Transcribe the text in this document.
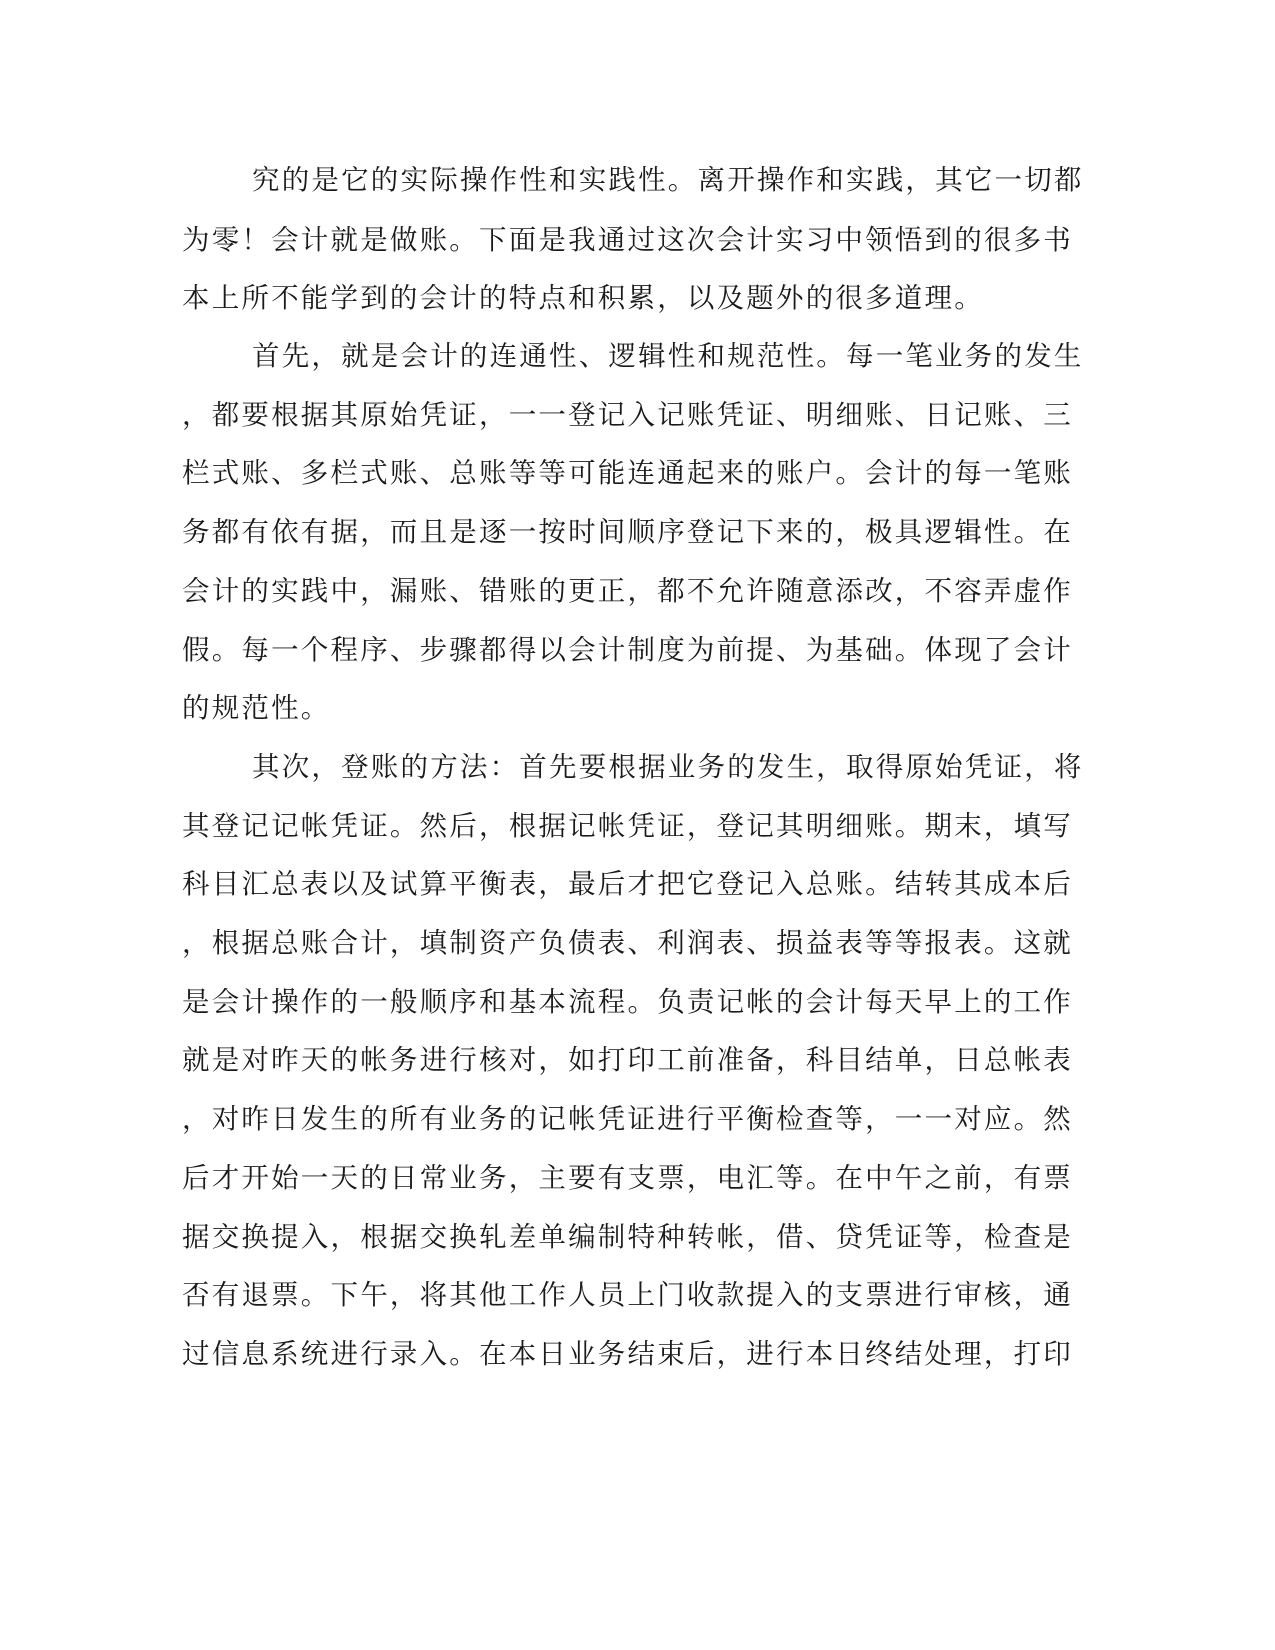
究的是它的实际操作性和实践性。离开操作和实践，其它一切都
为零！会计就是做账。下面是我通过这次会计实习中领悟到的很多书
本上所不能学到的会计的特点和积累，以及题外的很多道理。
首先，就是会计的连通性、逻辑性和规范性。每一笔业务的发生
，都要根据其原始凭证，一一登记入记账凭证、明细账、日记账、三
栏式账、多栏式账、总账等等可能连通起来的账户。会计的每一笔账
务都有依有据，而且是逐一按时间顺序登记下来的，极具逻辑性。在
会计的实践中，漏账、错账的更正，都不允许随意添改，不容弄虚作
假。每一个程序、步骤都得以会计制度为前提、为基础。体现了会计
的规范性。
其次，登账的方法：首先要根据业务的发生，取得原始凭证，将
其登记记帐凭证。然后，根据记帐凭证，登记其明细账。期末，填写
科目汇总表以及试算平衡表，最后才把它登记入总账。结转其成本后
，根据总账合计，填制资产负债表、利润表、损益表等等报表。这就
是会计操作的一般顺序和基本流程。负责记帐的会计每天早上的工作
就是对昨天的帐务进行核对，如打印工前准备，科目结单，日总帐表
，对昨日发生的所有业务的记帐凭证进行平衡检查等，一一对应。然
后才开始一天的日常业务，主要有支票，电汇等。在中午之前，有票
据交换提入，根据交换轧差单编制特种转帐，借、贷凭证等，检查是
否有退票。下午，将其他工作人员上门收款提入的支票进行审核，通
过信息系统进行录入。在本日业务结束后，进行本日终结处理，打印
